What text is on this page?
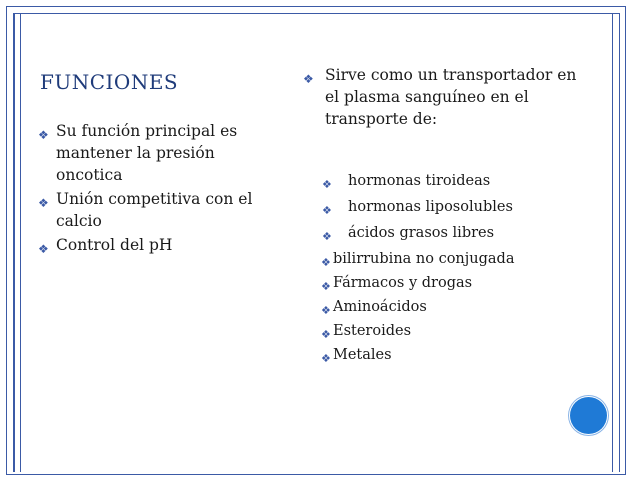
FUNCIONES
❖ Su función principal es mantener la presión oncotica
❖ Unión competitiva con el calcio
❖ Control del pH
❖ Sirve como un transportador en el plasma sanguíneo en el transporte de:
❖ hormonas tiroideas
❖ hormonas liposolubles
❖ ácidos grasos libres
❖ bilirrubina no conjugada
❖ Fármacos y drogas
❖ Aminoácidos
❖ Esteroides
❖ Metales
